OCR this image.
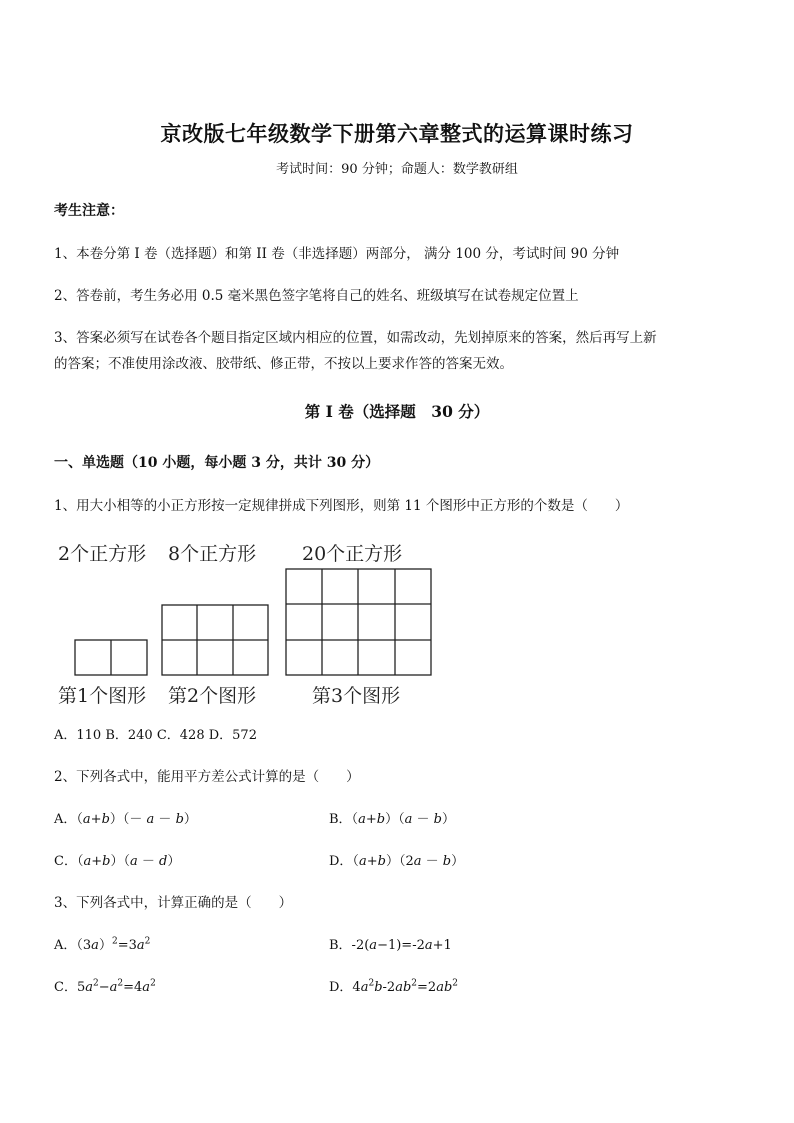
京改版七年级数学下册第六章整式的运算课时练习
考试时间：90 分钟；命题人：数学教研组
考生注意：
1、本卷分第 I 卷（选择题）和第 II 卷（非选择题）两部分， 满分 100 分，考试时间 90 分钟
2、答卷前，考生务必用 0.5 毫米黑色签字笔将自己的姓名、班级填写在试卷规定位置上
3、答案必须写在试卷各个题目指定区域内相应的位置，如需改动，先划掉原来的答案，然后再写上新
的答案；不准使用涂改液、胶带纸、修正带，不按以上要求作答的答案无效。
第 I 卷（选择题　30 分）
一、单选题（10 小题，每小题 3 分，共计 30 分）
1、用大小相等的小正方形按一定规律拼成下列图形，则第 11 个图形中正方形的个数是（　　）
2个正方形 8个正方形 20个正方形
第1个图形 第2个图形	第3个图形
A．110 B．240 C．428 D．572
2、下列各式中，能用平方差公式计算的是（　　）
A．（a+b）（－ a － b）	B．（a+b）（a － b）
C．（a+b）（a － d）	D．（a+b）（2a － b）
3、下列各式中，计算正确的是（　　）
A．$(3a)^2=3a^2$	B．-2(a−1)=-2a+1
C．$5a^2-a^2=4a^2$	D．$4a^2b-2ab^2=2ab^2$
